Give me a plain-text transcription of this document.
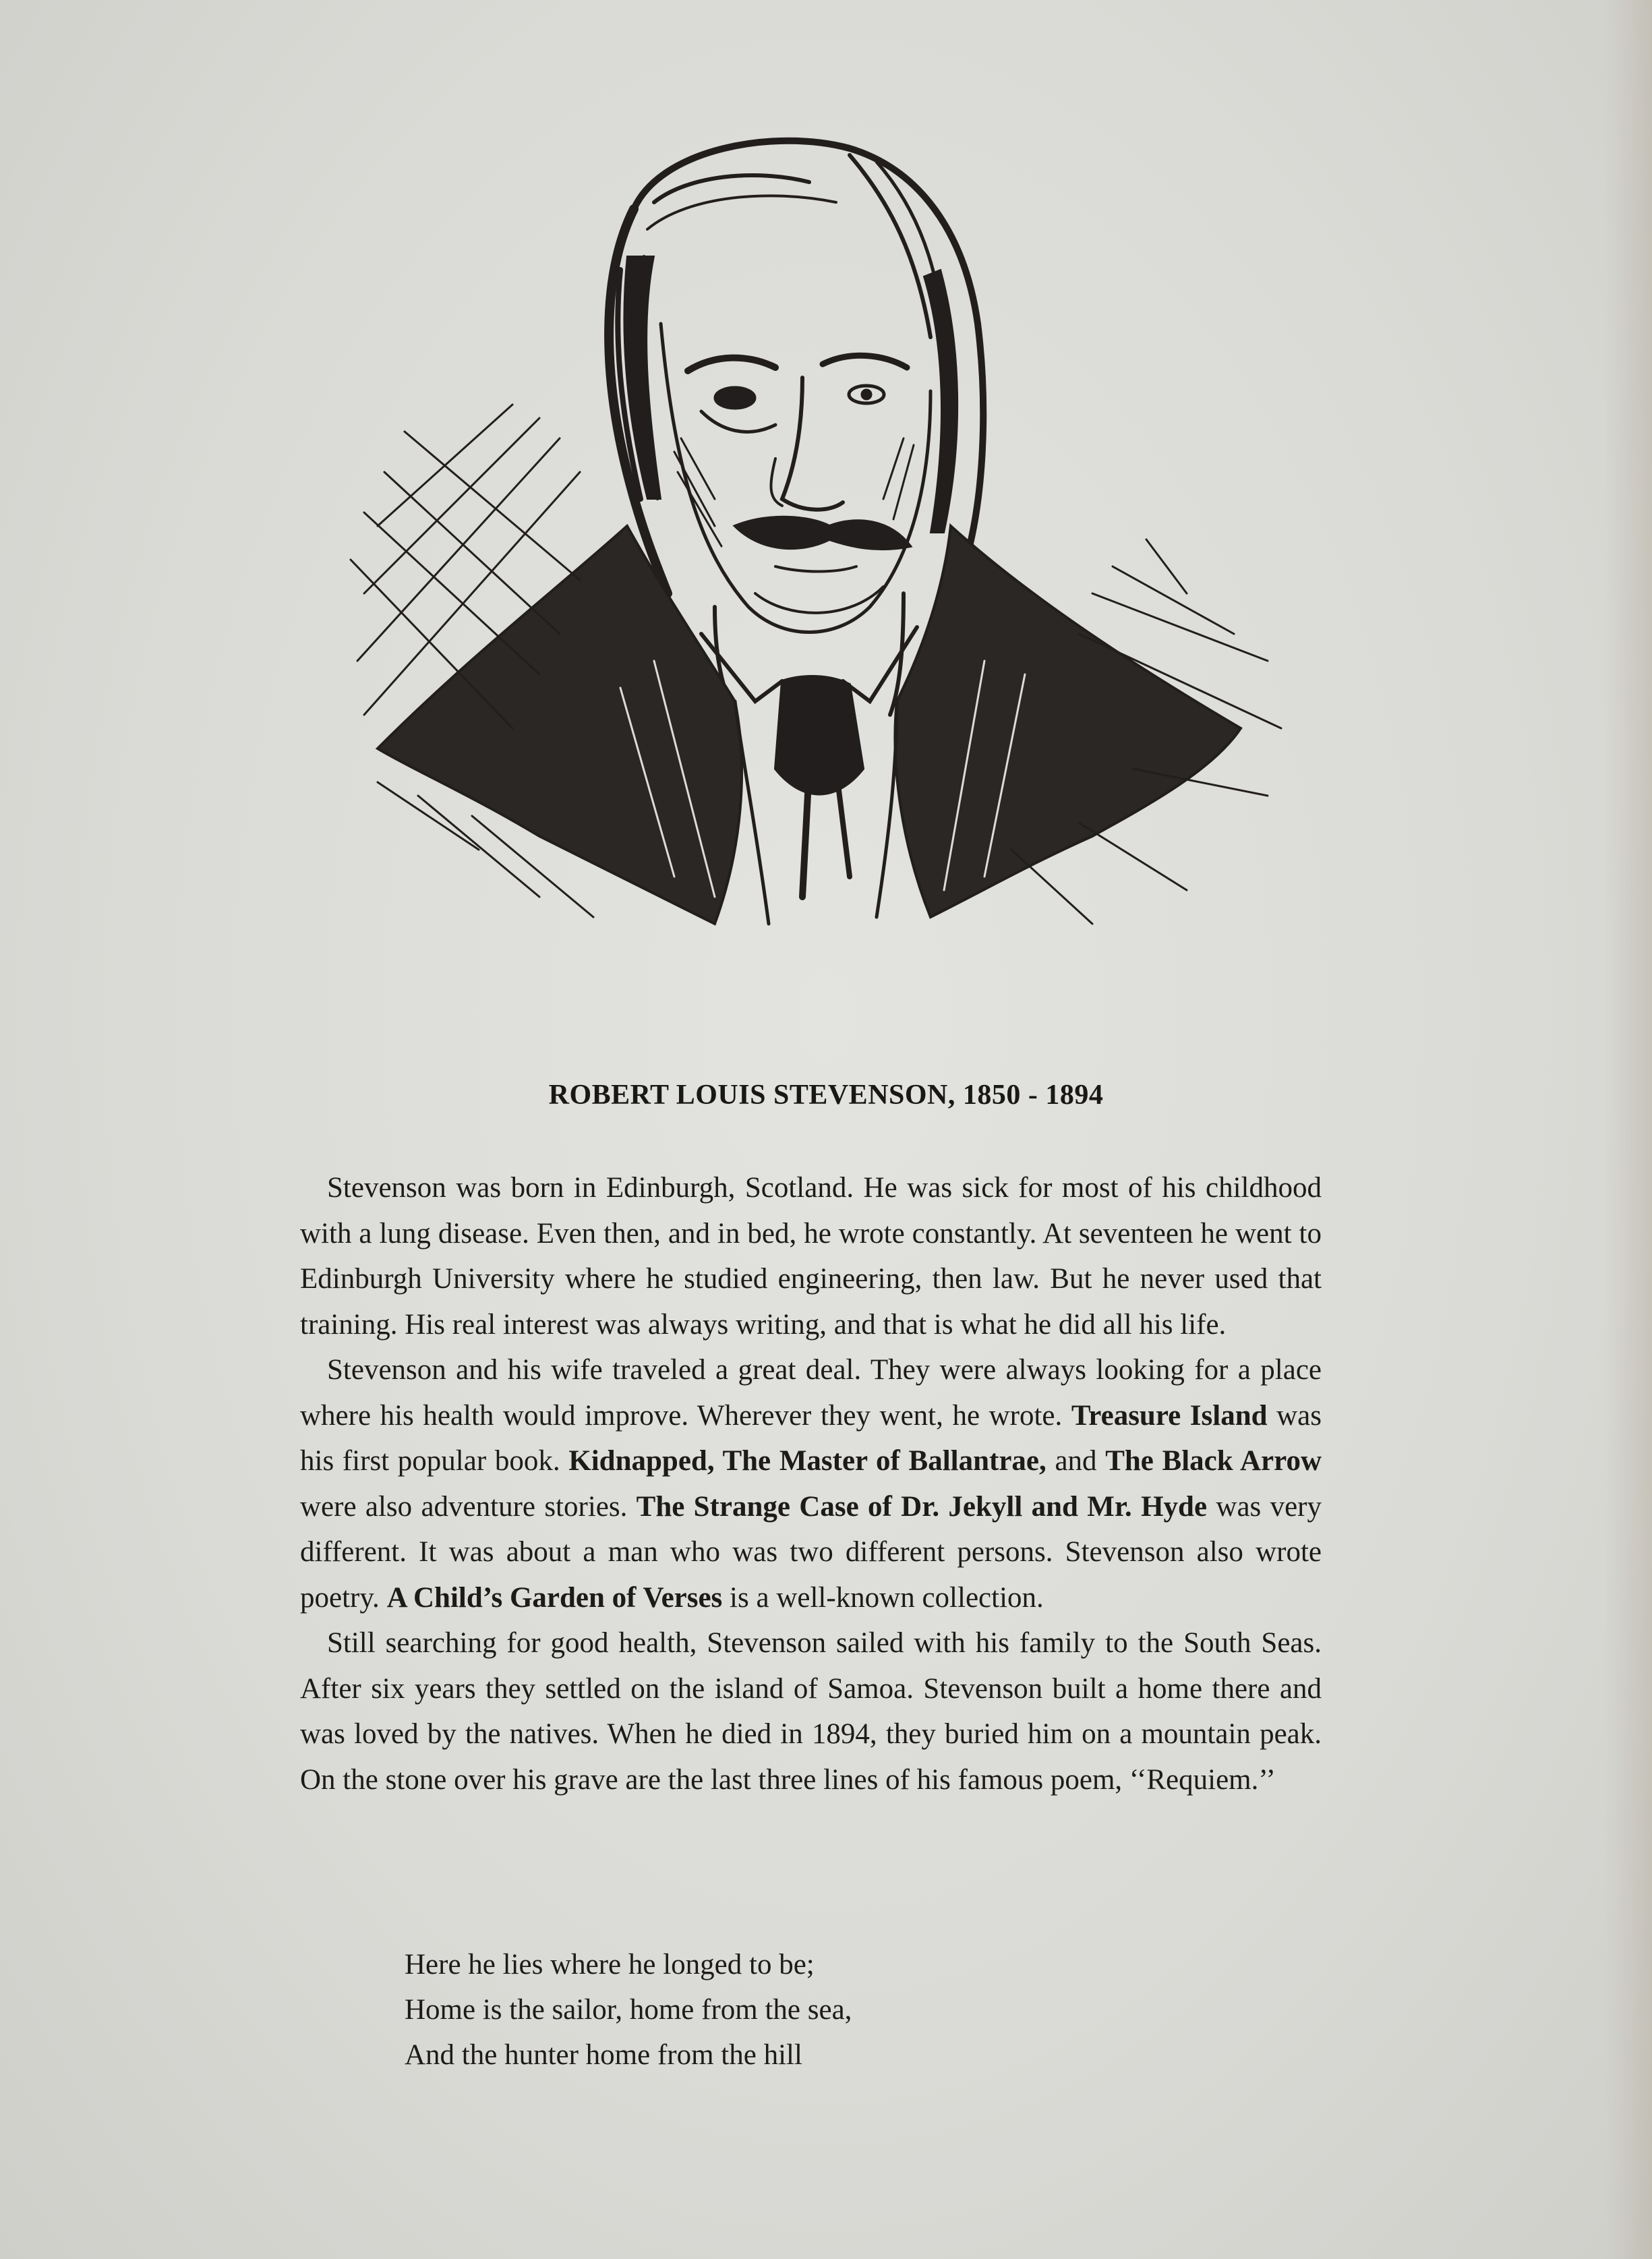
ROBERT LOUIS STEVENSON, 1850 - 1894

Stevenson was born in Edinburgh, Scotland. He was sick for most of his childhood with a lung disease. Even then, and in bed, he wrote constantly. At seventeen he went to Edinburgh University where he studied engineering, then law. But he never used that training. His real interest was always writing, and that is what he did all his life.

Stevenson and his wife traveled a great deal. They were always looking for a place where his health would improve. Wherever they went, he wrote. Treasure Island was his first popular book. Kidnapped, The Master of Ballantrae, and The Black Arrow were also adventure stories. The Strange Case of Dr. Jekyll and Mr. Hyde was very different. It was about a man who was two different persons. Stevenson also wrote poetry. A Child’s Garden of Verses is a well-known collection.

Still searching for good health, Stevenson sailed with his family to the South Seas. After six years they settled on the island of Samoa. Stevenson built a home there and was loved by the natives. When he died in 1894, they buried him on a mountain peak. On the stone over his grave are the last three lines of his famous poem, ‘‘Requiem.’’

Here he lies where he longed to be;
Home is the sailor, home from the sea,
And the hunter home from the hill
